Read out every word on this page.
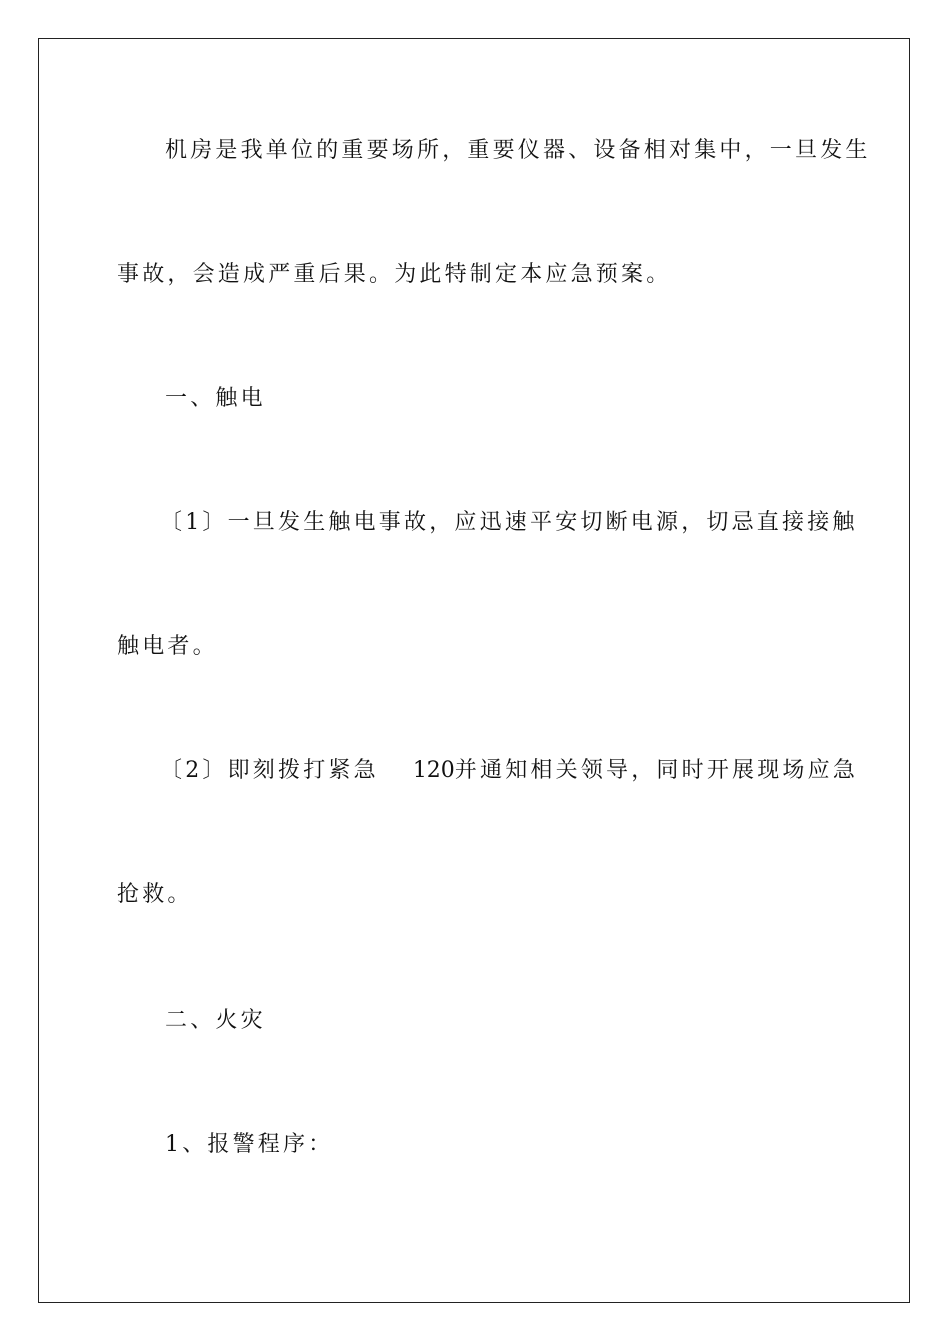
机房是我单位的重要场所，重要仪器、设备相对集中，一旦发生
事故，会造成严重后果。为此特制定本应急预案。
一、触电
〔1〕一旦发生触电事故，应迅速平安切断电源，切忌直接接触
触电者。
〔2〕即刻拨打紧急 120并通知相关领导，同时开展现场应急
抢救。
二、火灾
1、报警程序：
